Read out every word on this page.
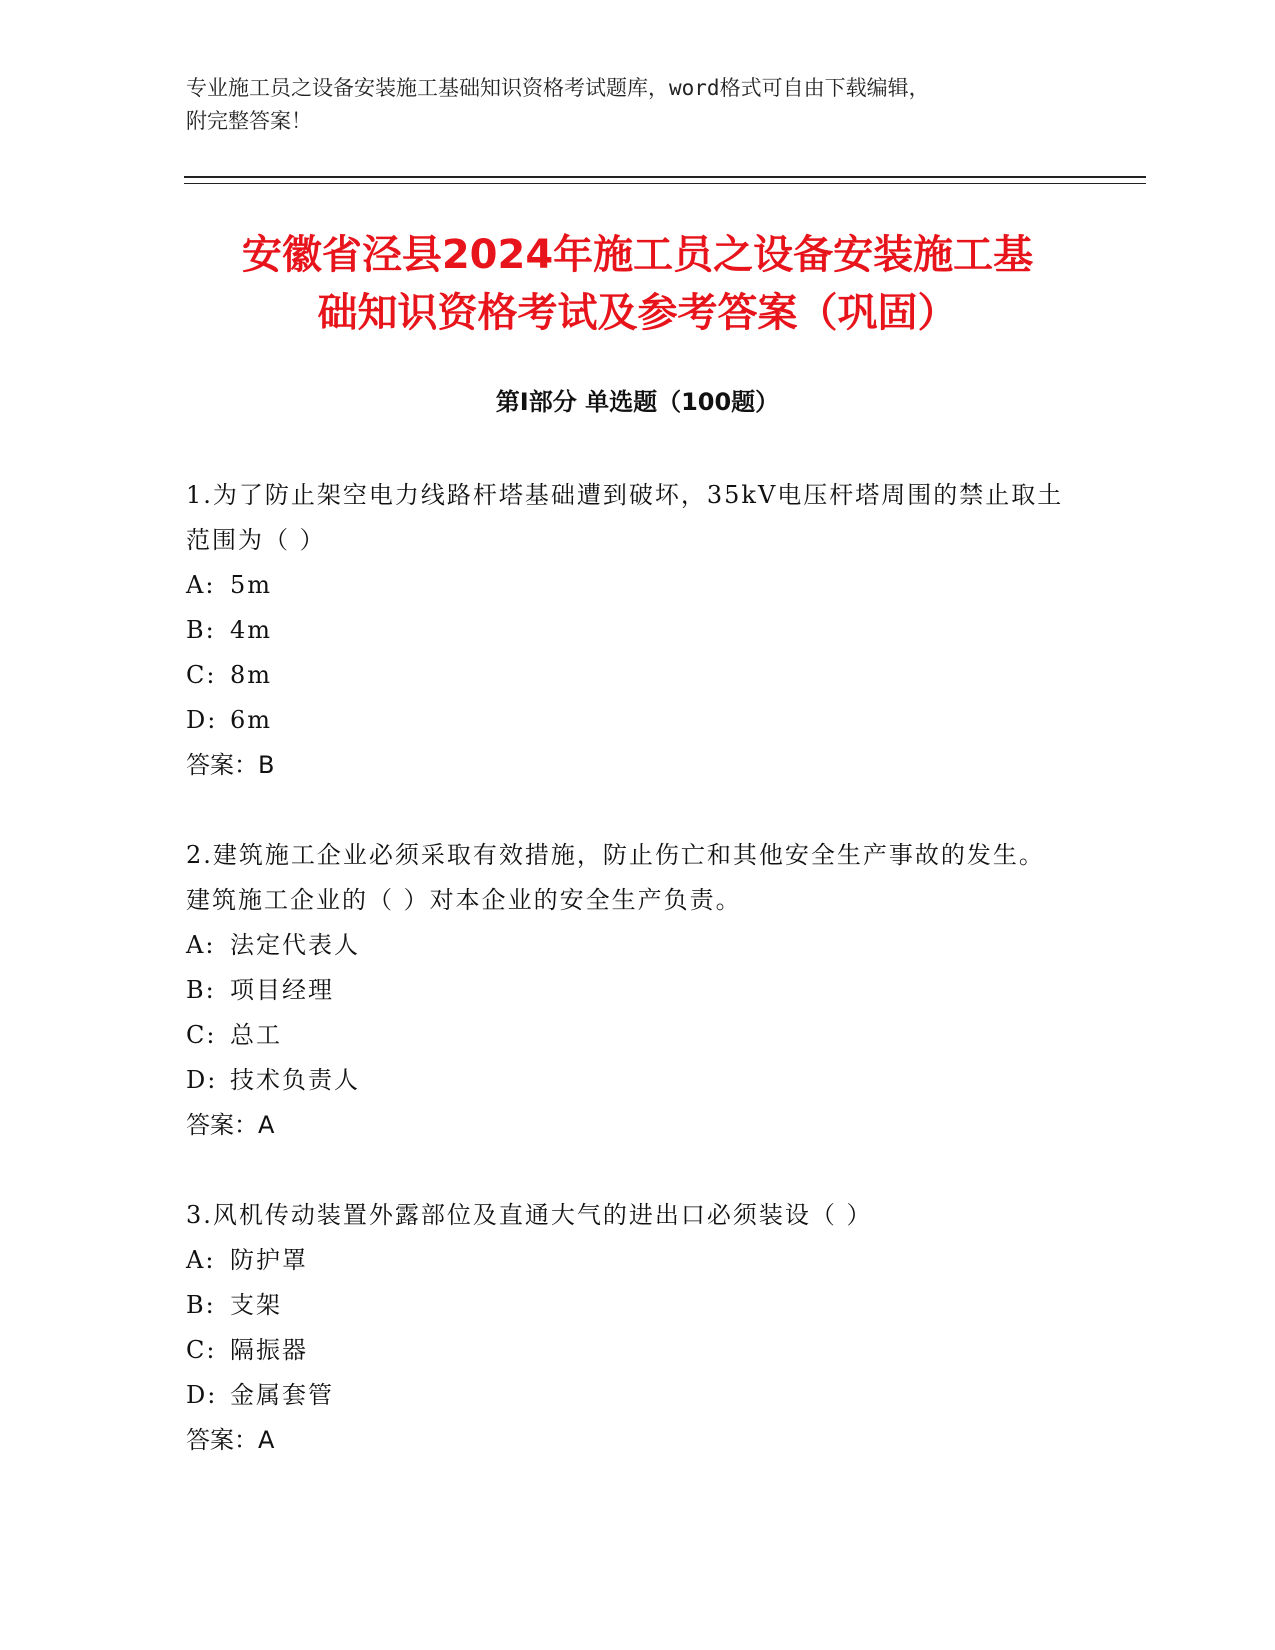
专业施工员之设备安装施工基础知识资格考试题库，word格式可自由下载编辑，
附完整答案！
安徽省泾县2024年施工员之设备安装施工基
础知识资格考试及参考答案（巩固）
第Ⅰ部分 单选题（100题）

1.为了防止架空电力线路杆塔基础遭到破坏，35kV电压杆塔周围的禁止取土范围为（ ）

A: 5m

B: 4m

C: 8m

D: 6m

答案：B

2.建筑施工企业必须采取有效措施，防止伤亡和其他安全生产事故的发生。建筑施工企业的（ ）对本企业的安全生产负责。

A: 法定代表人

B: 项目经理

C: 总工

D: 技术负责人

答案：A

3.风机传动装置外露部位及直通大气的进出口必须装设（ ）

A: 防护罩

B: 支架

C: 隔振器

D: 金属套管

答案：A
